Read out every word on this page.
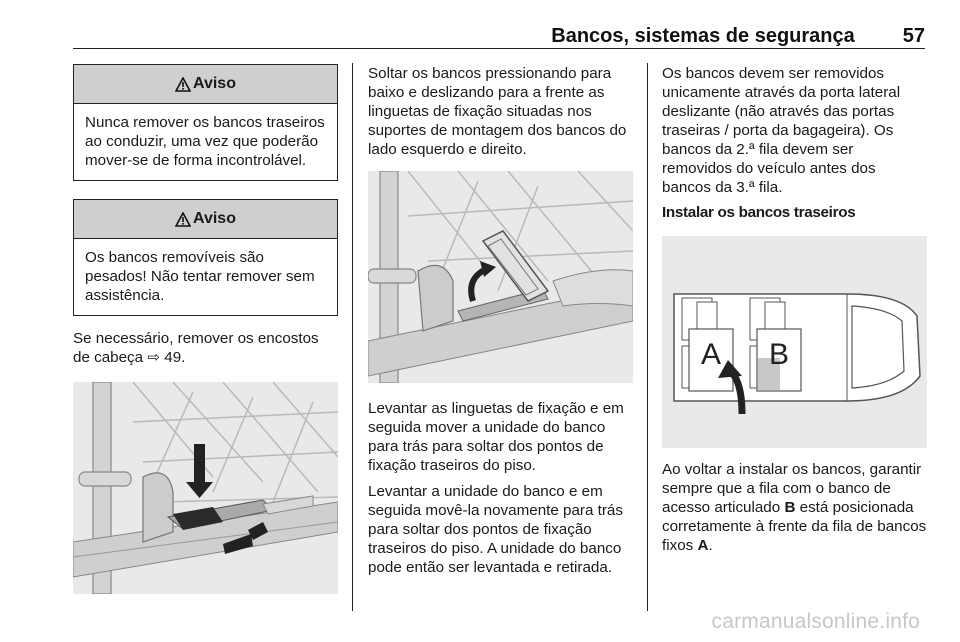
Bancos, sistemas de segurança 57
Aviso
Nunca remover os bancos traseiros ao conduzir, uma vez que poderão mover-se de forma incontrolável.
Aviso
Os bancos removíveis são pesados! Não tentar remover sem assistência.

Se necessário, remover os encostos de cabeça ⇨ 49.

Soltar os bancos pressionando para baixo e deslizando para a frente as linguetas de fixação situadas nos suportes de montagem dos bancos do lado esquerdo e direito.

Levantar as linguetas de fixação e em seguida mover a unidade do banco para trás para soltar dos pontos de fixação traseiros do piso.

Levantar a unidade do banco e em seguida movê-la novamente para trás para soltar dos pontos de fixação traseiros do piso. A unidade do banco pode então ser levantada e retirada.

Os bancos devem ser removidos unicamente através da porta lateral deslizante (não através das portas traseiras / porta da bagageira). Os bancos da 2.ª fila devem ser removidos do veículo antes dos bancos da 3.ª fila.

Instalar os bancos traseiros
A B

Ao voltar a instalar os bancos, garantir sempre que a fila com o banco de acesso articulado B está posicionada corretamente à frente da fila de bancos fixos A.

carmanualsonline.info
